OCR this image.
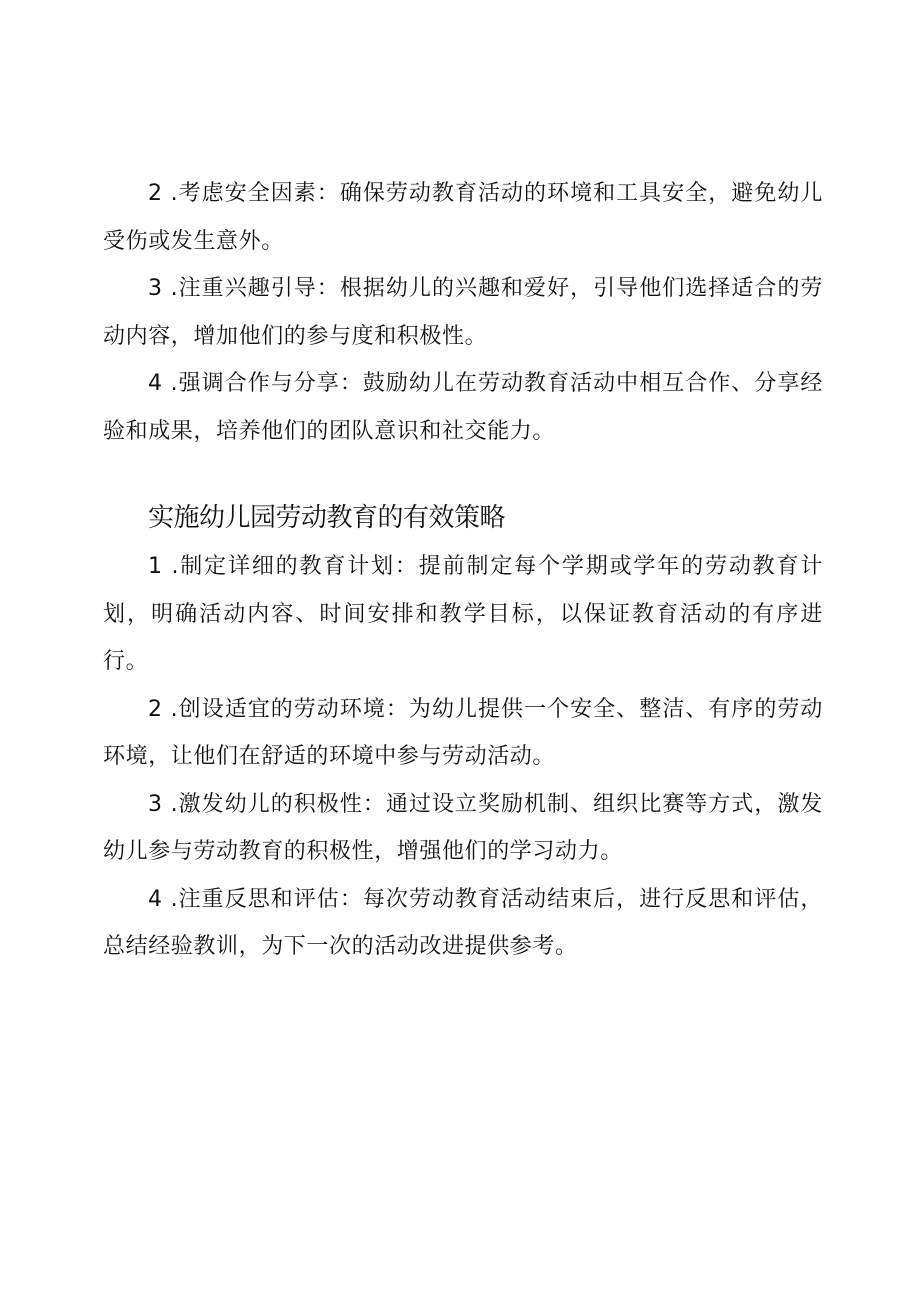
2 .考虑安全因素：确保劳动教育活动的环境和工具安全，避免幼儿受伤或发生意外。

3 .注重兴趣引导：根据幼儿的兴趣和爱好，引导他们选择适合的劳动内容，增加他们的参与度和积极性。

4 .强调合作与分享：鼓励幼儿在劳动教育活动中相互合作、分享经验和成果，培养他们的团队意识和社交能力。

实施幼儿园劳动教育的有效策略

1 .制定详细的教育计划：提前制定每个学期或学年的劳动教育计划，明确活动内容、时间安排和教学目标，以保证教育活动的有序进行。

2 .创设适宜的劳动环境：为幼儿提供一个安全、整洁、有序的劳动环境，让他们在舒适的环境中参与劳动活动。

3 .激发幼儿的积极性：通过设立奖励机制、组织比赛等方式，激发幼儿参与劳动教育的积极性，增强他们的学习动力。

4 .注重反思和评估：每次劳动教育活动结束后，进行反思和评估，总结经验教训，为下一次的活动改进提供参考。
